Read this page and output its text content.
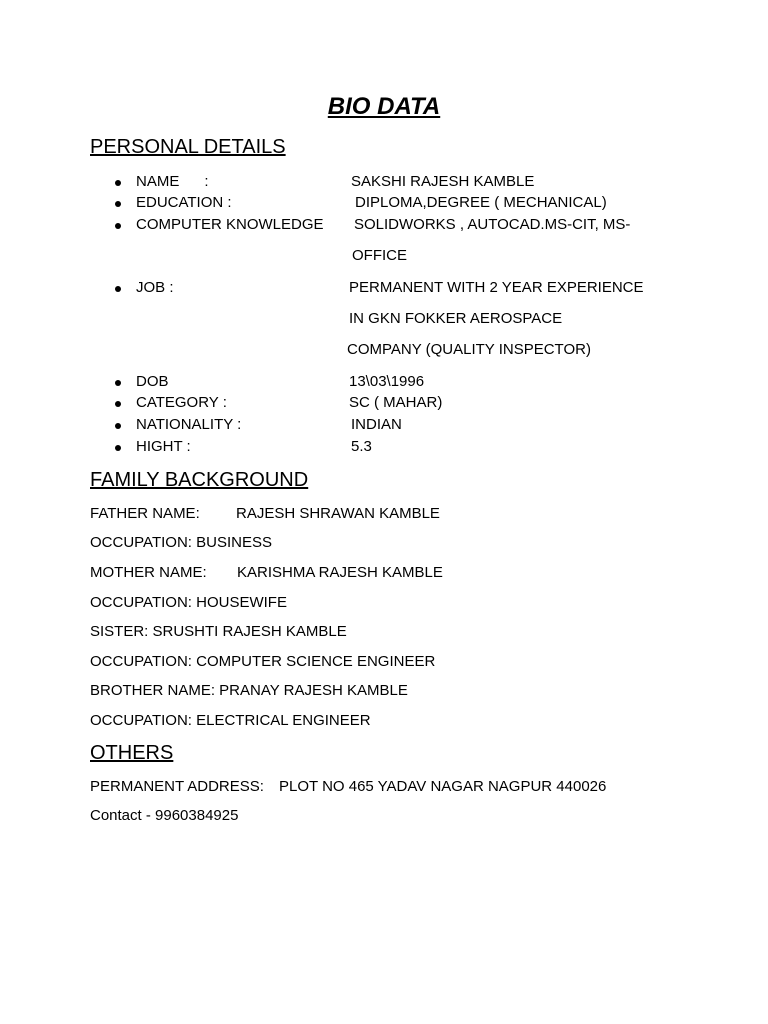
BIO DATA
PERSONAL DETAILS
NAME      :	SAKSHI RAJESH KAMBLE
EDUCATION :	DIPLOMA,DEGREE ( MECHANICAL)
COMPUTER KNOWLEDGE SOLIDWORKS , AUTOCAD.MS-CIT, MS-
OFFICE
JOB :	PERMANENT WITH 2 YEAR EXPERIENCE
IN GKN FOKKER AEROSPACE
COMPANY (QUALITY INSPECTOR)
DOB	13\03\1996
CATEGORY :	SC ( MAHAR)
NATIONALITY :	INDIAN
HIGHT :	5.3
FAMILY BACKGROUND
FATHER NAME: RAJESH SHRAWAN KAMBLE
OCCUPATION: BUSINESS
MOTHER NAME: KARISHMA RAJESH KAMBLE
OCCUPATION: HOUSEWIFE
SISTER: SRUSHTI RAJESH KAMBLE
OCCUPATION: COMPUTER SCIENCE ENGINEER
BROTHER NAME: PRANAY RAJESH KAMBLE
OCCUPATION: ELECTRICAL ENGINEER
OTHERS
PERMANENT ADDRESS: PLOT NO 465 YADAV NAGAR NAGPUR 440026
Contact - 9960384925
